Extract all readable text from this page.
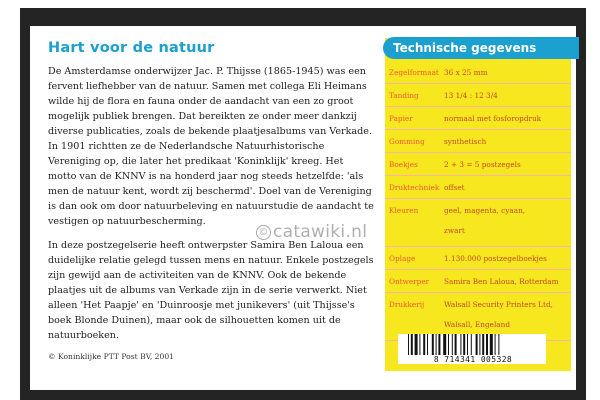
Hart voor de natuur

De Amsterdamse onderwijzer Jac. P. Thijsse (1865-1945) was een fervent liefhebber van de natuur. Samen met collega Eli Heimans wilde hij de flora en fauna onder de aandacht van een zo groot mogelijk publiek brengen. Dat bereikten ze onder meer dankzij diverse publicaties, zoals de bekende plaatjesalbums van Verkade. In 1901 richtten ze de Nederlandsche Natuurhistorische Vereniging op, die later het predikaat 'Koninklijk' kreeg. Het motto van de KNNV is na honderd jaar nog steeds hetzelfde: 'als men de natuur kent, wordt zij beschermd'. Doel van de Vereniging is dan ook om door natuurbeleving en natuurstudie de aandacht te vestigen op natuurbescherming.

In deze postzegelserie heeft ontwerpster Samira Ben Laloua een duidelijke relatie gelegd tussen mens en natuur. Enkele postzegels zijn gewijd aan de activiteiten van de KNNV. Ook de bekende plaatjes uit de albums van Verkade zijn in de serie verwerkt. Niet alleen 'Het Paapje' en 'Duinroosje met junikevers' (uit Thijsse's boek Blonde Duinen), maar ook de silhouetten komen uit de natuurboeken.

© Koninklijke PTT Post BV, 2001
© catawiki.nl
Technische gegevens
Zegelformaat 36 x 25 mm
Tanding	13 1/4 : 12 3/4
Papier	normaal met fosforopdruk
Gomming	synthetisch
Boekjes	2 + 3 = 5 postzegels
Druktechniek offset
Kleuren	geel, magenta, cyaan,
zwart
Oplage	1.130.000 postzegelboekjes
Ontwerper	Samira Ben Laloua, Rotterdam
Drukkerij	Walsall Security Printers Ltd,
Walsall, Engeland
8 714341 005328
